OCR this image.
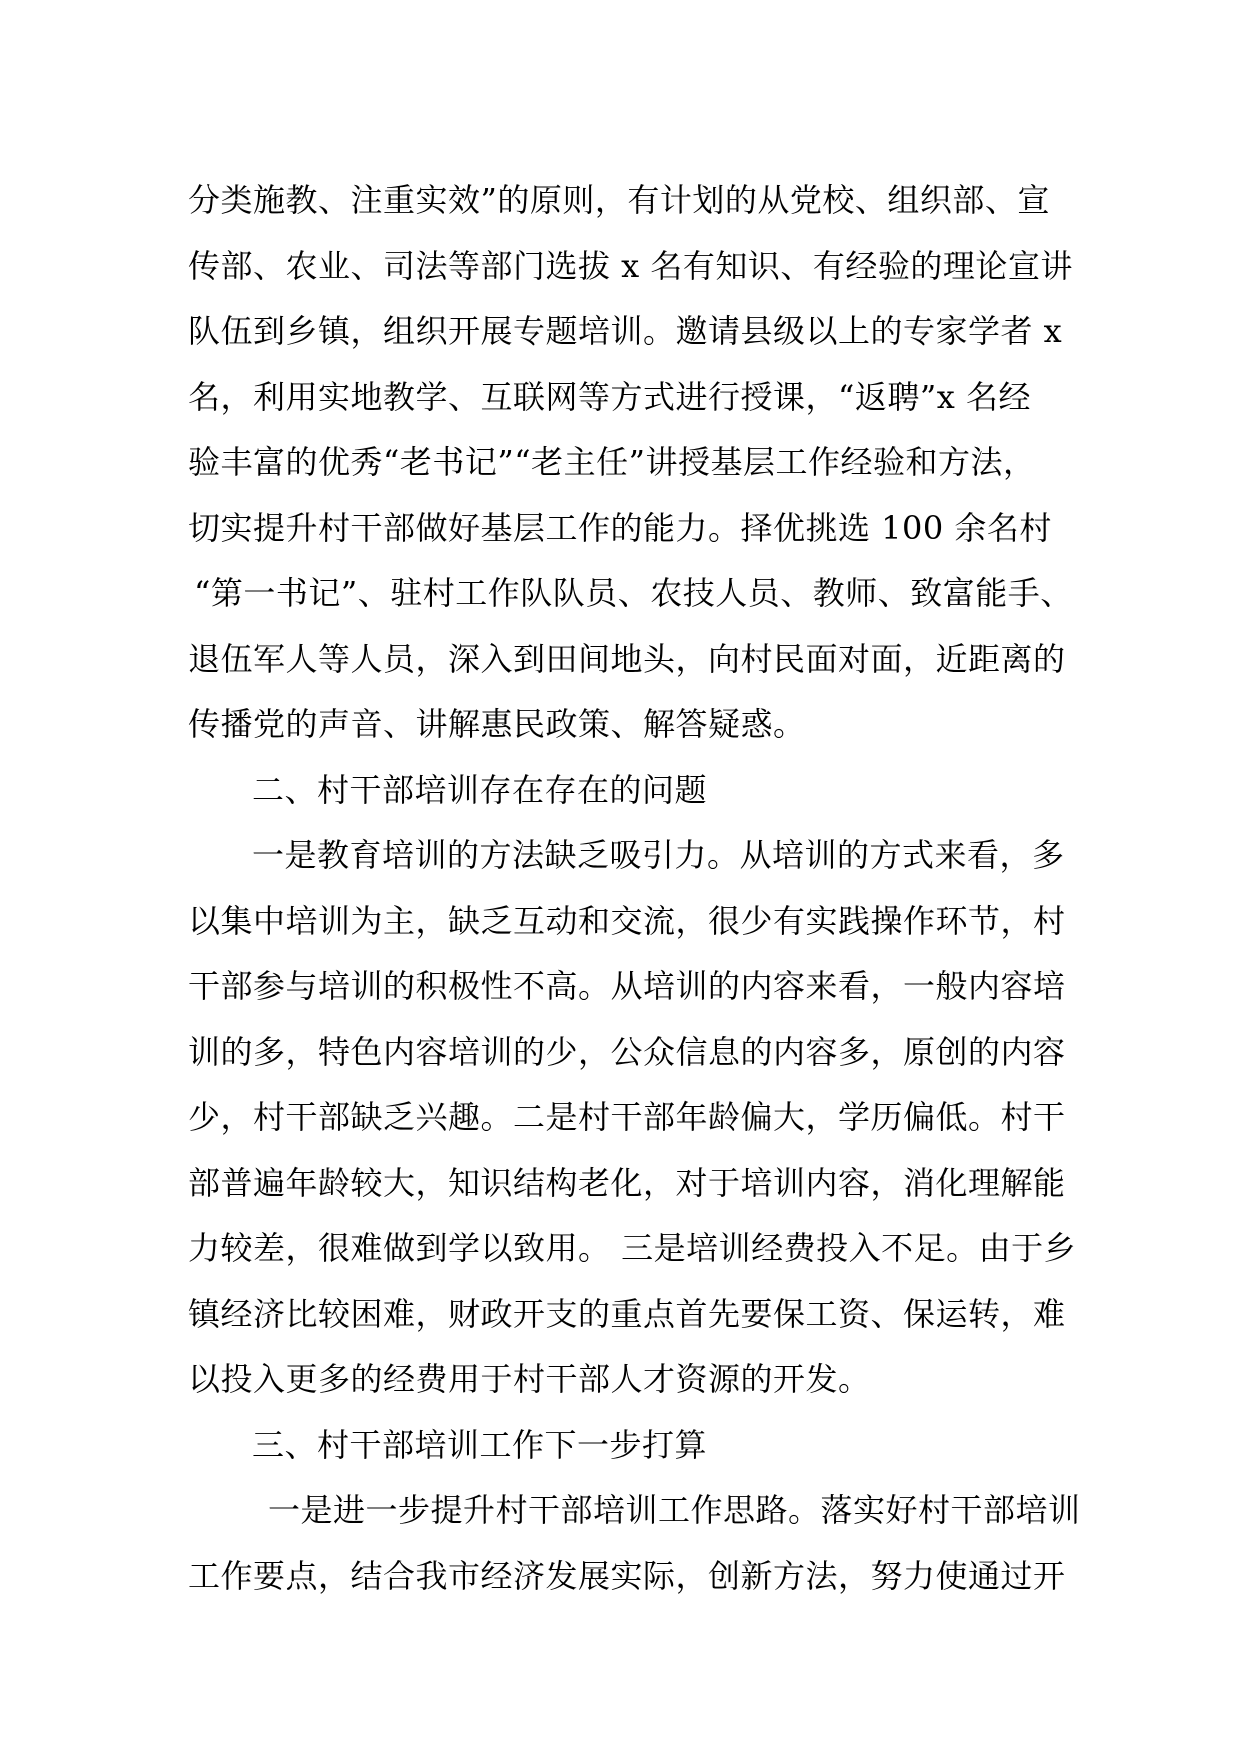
分类施教、注重实效”的原则，有计划的从党校、组织部、宣
传部、农业、司法等部门选拔 x 名有知识、有经验的理论宣讲
队伍到乡镇，组织开展专题培训。邀请县级以上的专家学者 x
名，利用实地教学、互联网等方式进行授课，“返聘”x 名经
验丰富的优秀“老书记”“老主任”讲授基层工作经验和方法，
切实提升村干部做好基层工作的能力。择优挑选 100 余名村
“第一书记”、驻村工作队队员、农技人员、教师、致富能手、
退伍军人等人员，深入到田间地头，向村民面对面，近距离的
传播党的声音、讲解惠民政策、解答疑惑。
二、村干部培训存在存在的问题
一是教育培训的方法缺乏吸引力。从培训的方式来看，多
以集中培训为主，缺乏互动和交流，很少有实践操作环节，村
干部参与培训的积极性不高。从培训的内容来看，一般内容培
训的多，特色内容培训的少，公众信息的内容多，原创的内容
少，村干部缺乏兴趣。二是村干部年龄偏大，学历偏低。村干
部普遍年龄较大，知识结构老化，对于培训内容，消化理解能
力较差，很难做到学以致用。 三是培训经费投入不足。由于乡
镇经济比较困难，财政开支的重点首先要保工资、保运转，难
以投入更多的经费用于村干部人才资源的开发。
三、村干部培训工作下一步打算
一是进一步提升村干部培训工作思路。落实好村干部培训
工作要点，结合我市经济发展实际，创新方法，努力使通过开
